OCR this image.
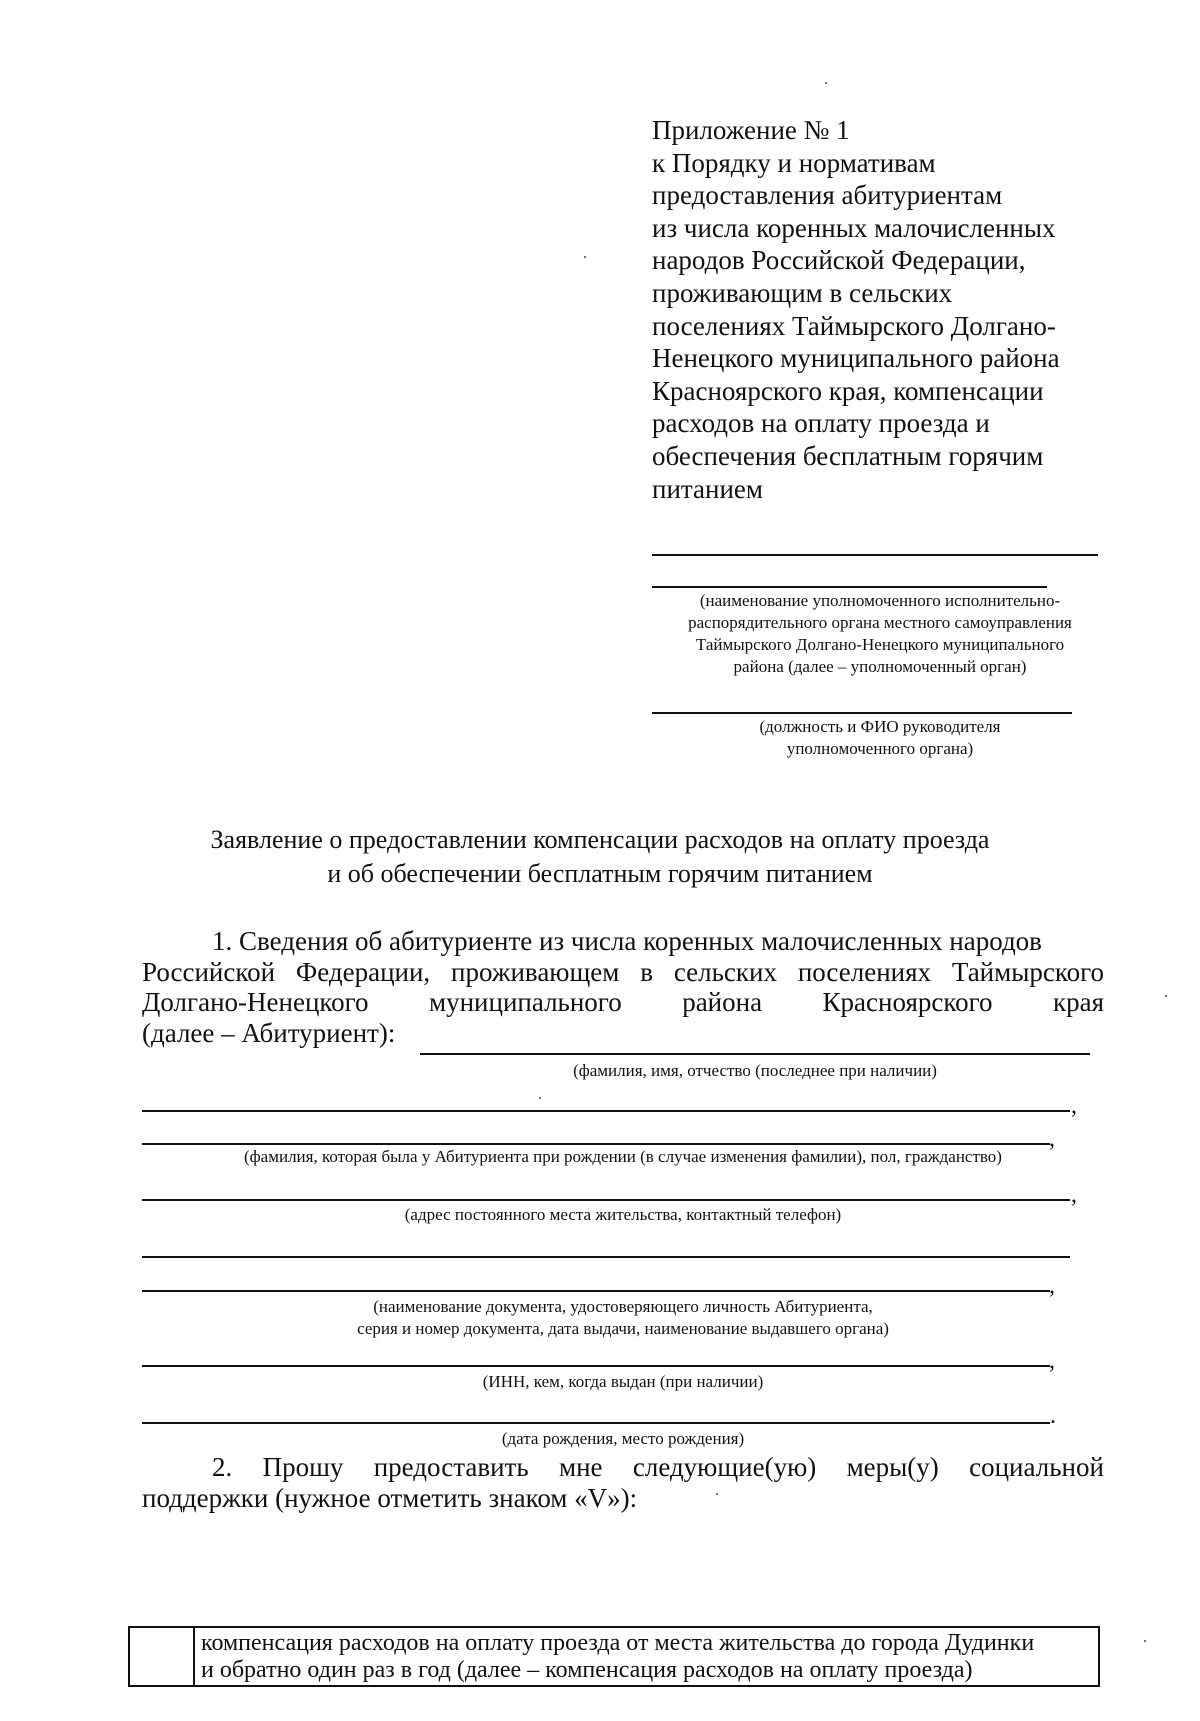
Приложение № 1
к Порядку и нормативам
предоставления абитуриентам
из числа коренных малочисленных
народов Российской Федерации,
проживающим в сельских
поселениях Таймырского Долгано-
Ненецкого муниципального района
Красноярского края, компенсации
расходов на оплату проезда и
обеспечения бесплатным горячим
питанием
(наименование уполномоченного исполнительно-
распорядительного органа местного самоуправления
Таймырского Долгано-Ненецкого муниципального
района (далее – уполномоченный орган)
(должность и ФИО руководителя
уполномоченного органа)
Заявление о предоставлении компенсации расходов на оплату проезда
и об обеспечении бесплатным горячим питанием
1. Сведения об абитуриенте из числа коренных малочисленных народов
Российской Федерации, проживающем в сельских поселениях Таймырского
Долгано-Ненецкого муниципального района Красноярского края
(далее – Абитуриент):
(фамилия, имя, отчество (последнее при наличии)
,
,
(фамилия, которая была у Абитуриента при рождении (в случае изменения фамилии), пол, гражданство)
,
(адрес постоянного места жительства, контактный телефон)
,
(наименование документа, удостоверяющего личность Абитуриента,
серия и номер документа, дата выдачи, наименование выдавшего органа)
,
(ИНН, кем, когда выдан (при наличии)
.
(дата рождения, место рождения)
2. Прошу предоставить мне следующие(ую) меры(у) социальной
поддержки (нужное отметить знаком «V»):
компенсация расходов на оплату проезда от места жительства до города Дудинки
и обратно один раз в год (далее – компенсация расходов на оплату проезда)
